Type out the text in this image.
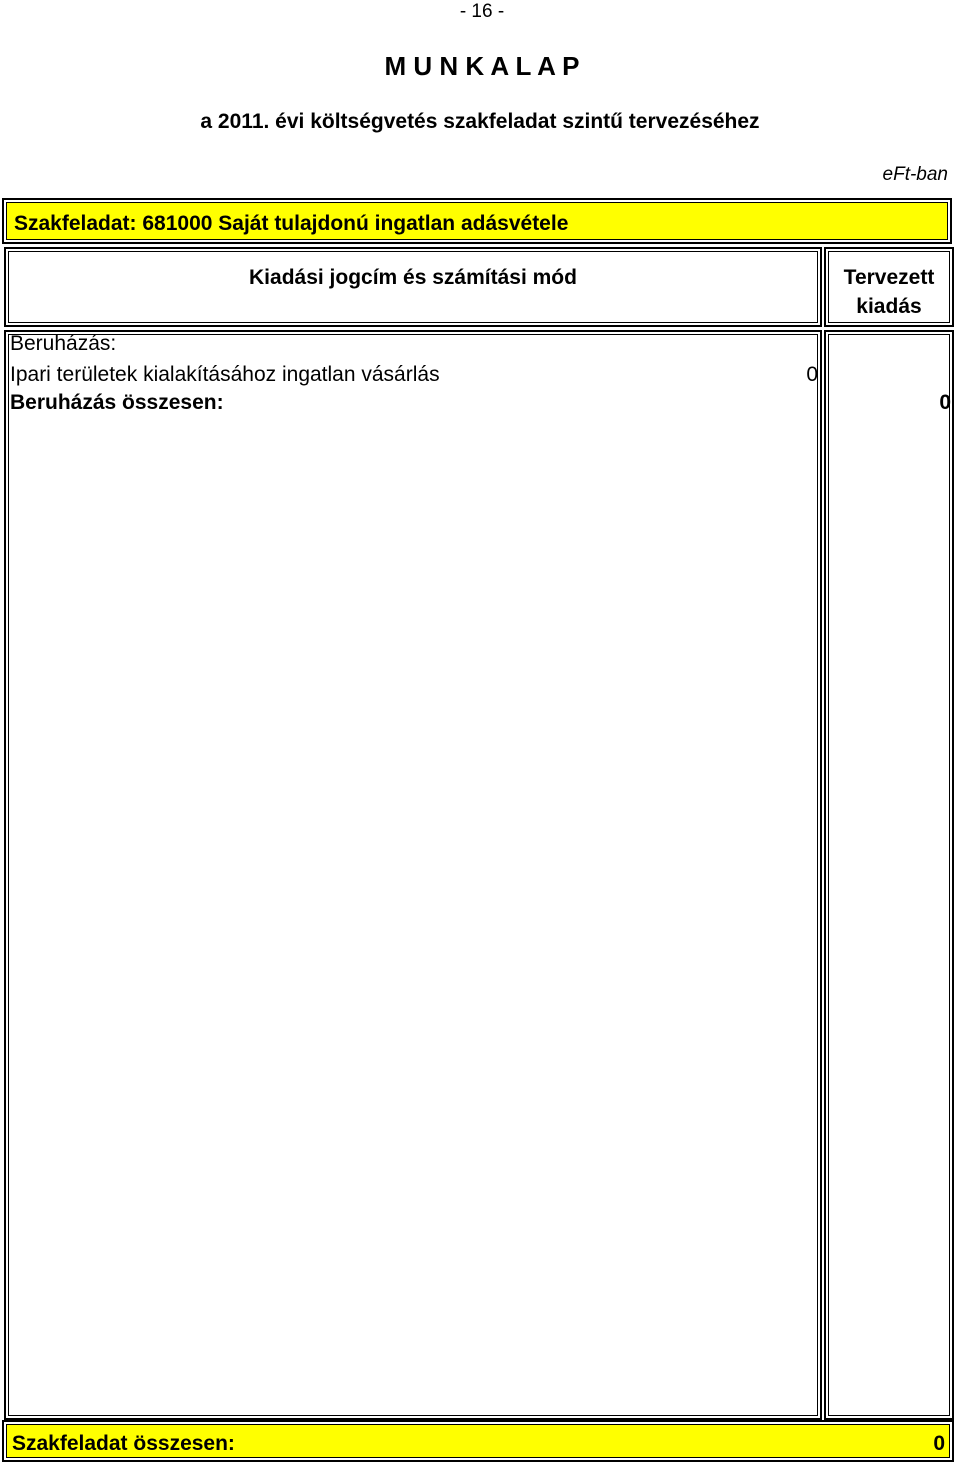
- 16 -
M U N K A L A P
a 2011. évi költségvetés szakfeladat szintű tervezéséhez
eFt-ban
Szakfeladat: 681000 Saját tulajdonú ingatlan adásvétele
Kiadási jogcím és számítási mód	Tervezett
kiadás
Beruházás:
Ipari területek kialakításához ingatlan vásárlás	0
Beruházás összesen:	0
Szakfeladat összesen:	0
